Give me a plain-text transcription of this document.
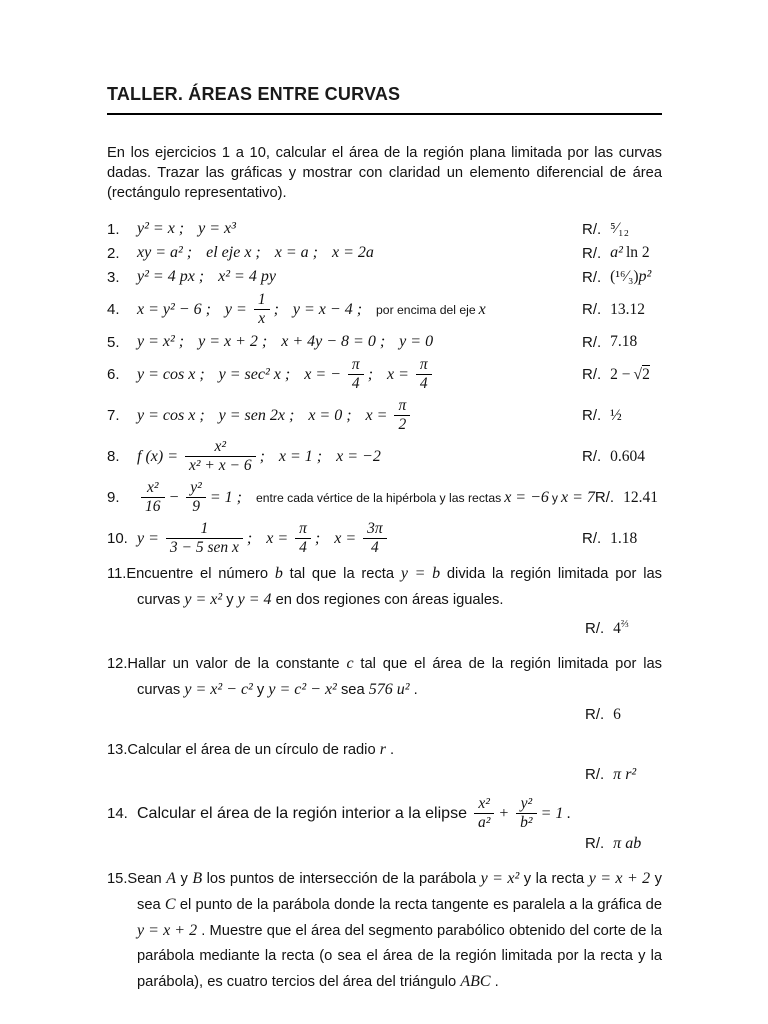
TALLER. ÁREAS ENTRE CURVAS

En los ejercicios 1 a 10, calcular el área de la región plana limitada por las curvas dadas. Trazar las gráficas y mostrar con claridad un elemento diferencial de área (rectángulo representativo).

1.	y² = x ; y = x³	R/. ⁵⁄₁₂
2.	xy = a² ; el eje x ; x = a ; x = 2a	R/. a² ln 2
3.	y² = 4 px ; x² = 4 py	R/. (¹⁶⁄₃) p²
4.	x = y² − 6 ; $y = \frac{1}{x}$ ; y = x − 4 ; por encima del eje x	R/. 13.12
5.	y = x² ; y = x + 2 ; x + 4y − 8 = 0 ; y = 0	R/. 7.18
6.	y = cos x ; y = sec² x ; x = − $\frac{\pi}{4}$ ; $x = \frac{\pi}{4}$	R/. 2 − √ 2
7.	y = cos x ; y = sen 2x ; x = 0 ; $x = \frac{\pi}{2}$	R/. ½
8.	f $(x) = \frac{\text{x²}}{\text{x² + x − 6}}$ ; x = 1 ; x = −2	R/. 0.604
9.	$\frac{\text{x²}}{16} - \frac{\text{y²}}{9} = 1$ ; entre cada vértice de la hipérbola y las rectas x = −6 y x = 7 R/. 12.41
10. $y = \frac{1}{\text{3 − 5 sen x}}$ ; $x = \frac{\pi}{4}$ ; $x = \frac{3\pi}{4}$	R/. 1.18

11.Encuentre el número b tal que la recta y = b divida la región limitada por las curvas y = x² y y = 4 en dos regiones con áreas iguales.

R/. $4^{\frac{2}{3}}$

12.Hallar un valor de la constante c tal que el área de la región limitada por las curvas y = x² − c² y y = c² − x² sea 576 u² .

R/. 6

13.Calcular el área de un círculo de radio r .

R/. π r²
14. Calcular el área de la región interior a la elipse $\frac{\text{x²}}{\text{a²}} + \frac{\text{y²}}{\text{b²}} = 1$ .
R/. π ab

15.Sean A y B los puntos de intersección de la parábola y = x² y la recta y = x + 2 y sea C el punto de la parábola donde la recta tangente es paralela a la gráfica de y = x + 2 . Muestre que el área del segmento parabólico obtenido del corte de la parábola mediante la recta (o sea el área de la región limitada por la recta y la parábola), es cuatro tercios del área del triángulo ABC .
